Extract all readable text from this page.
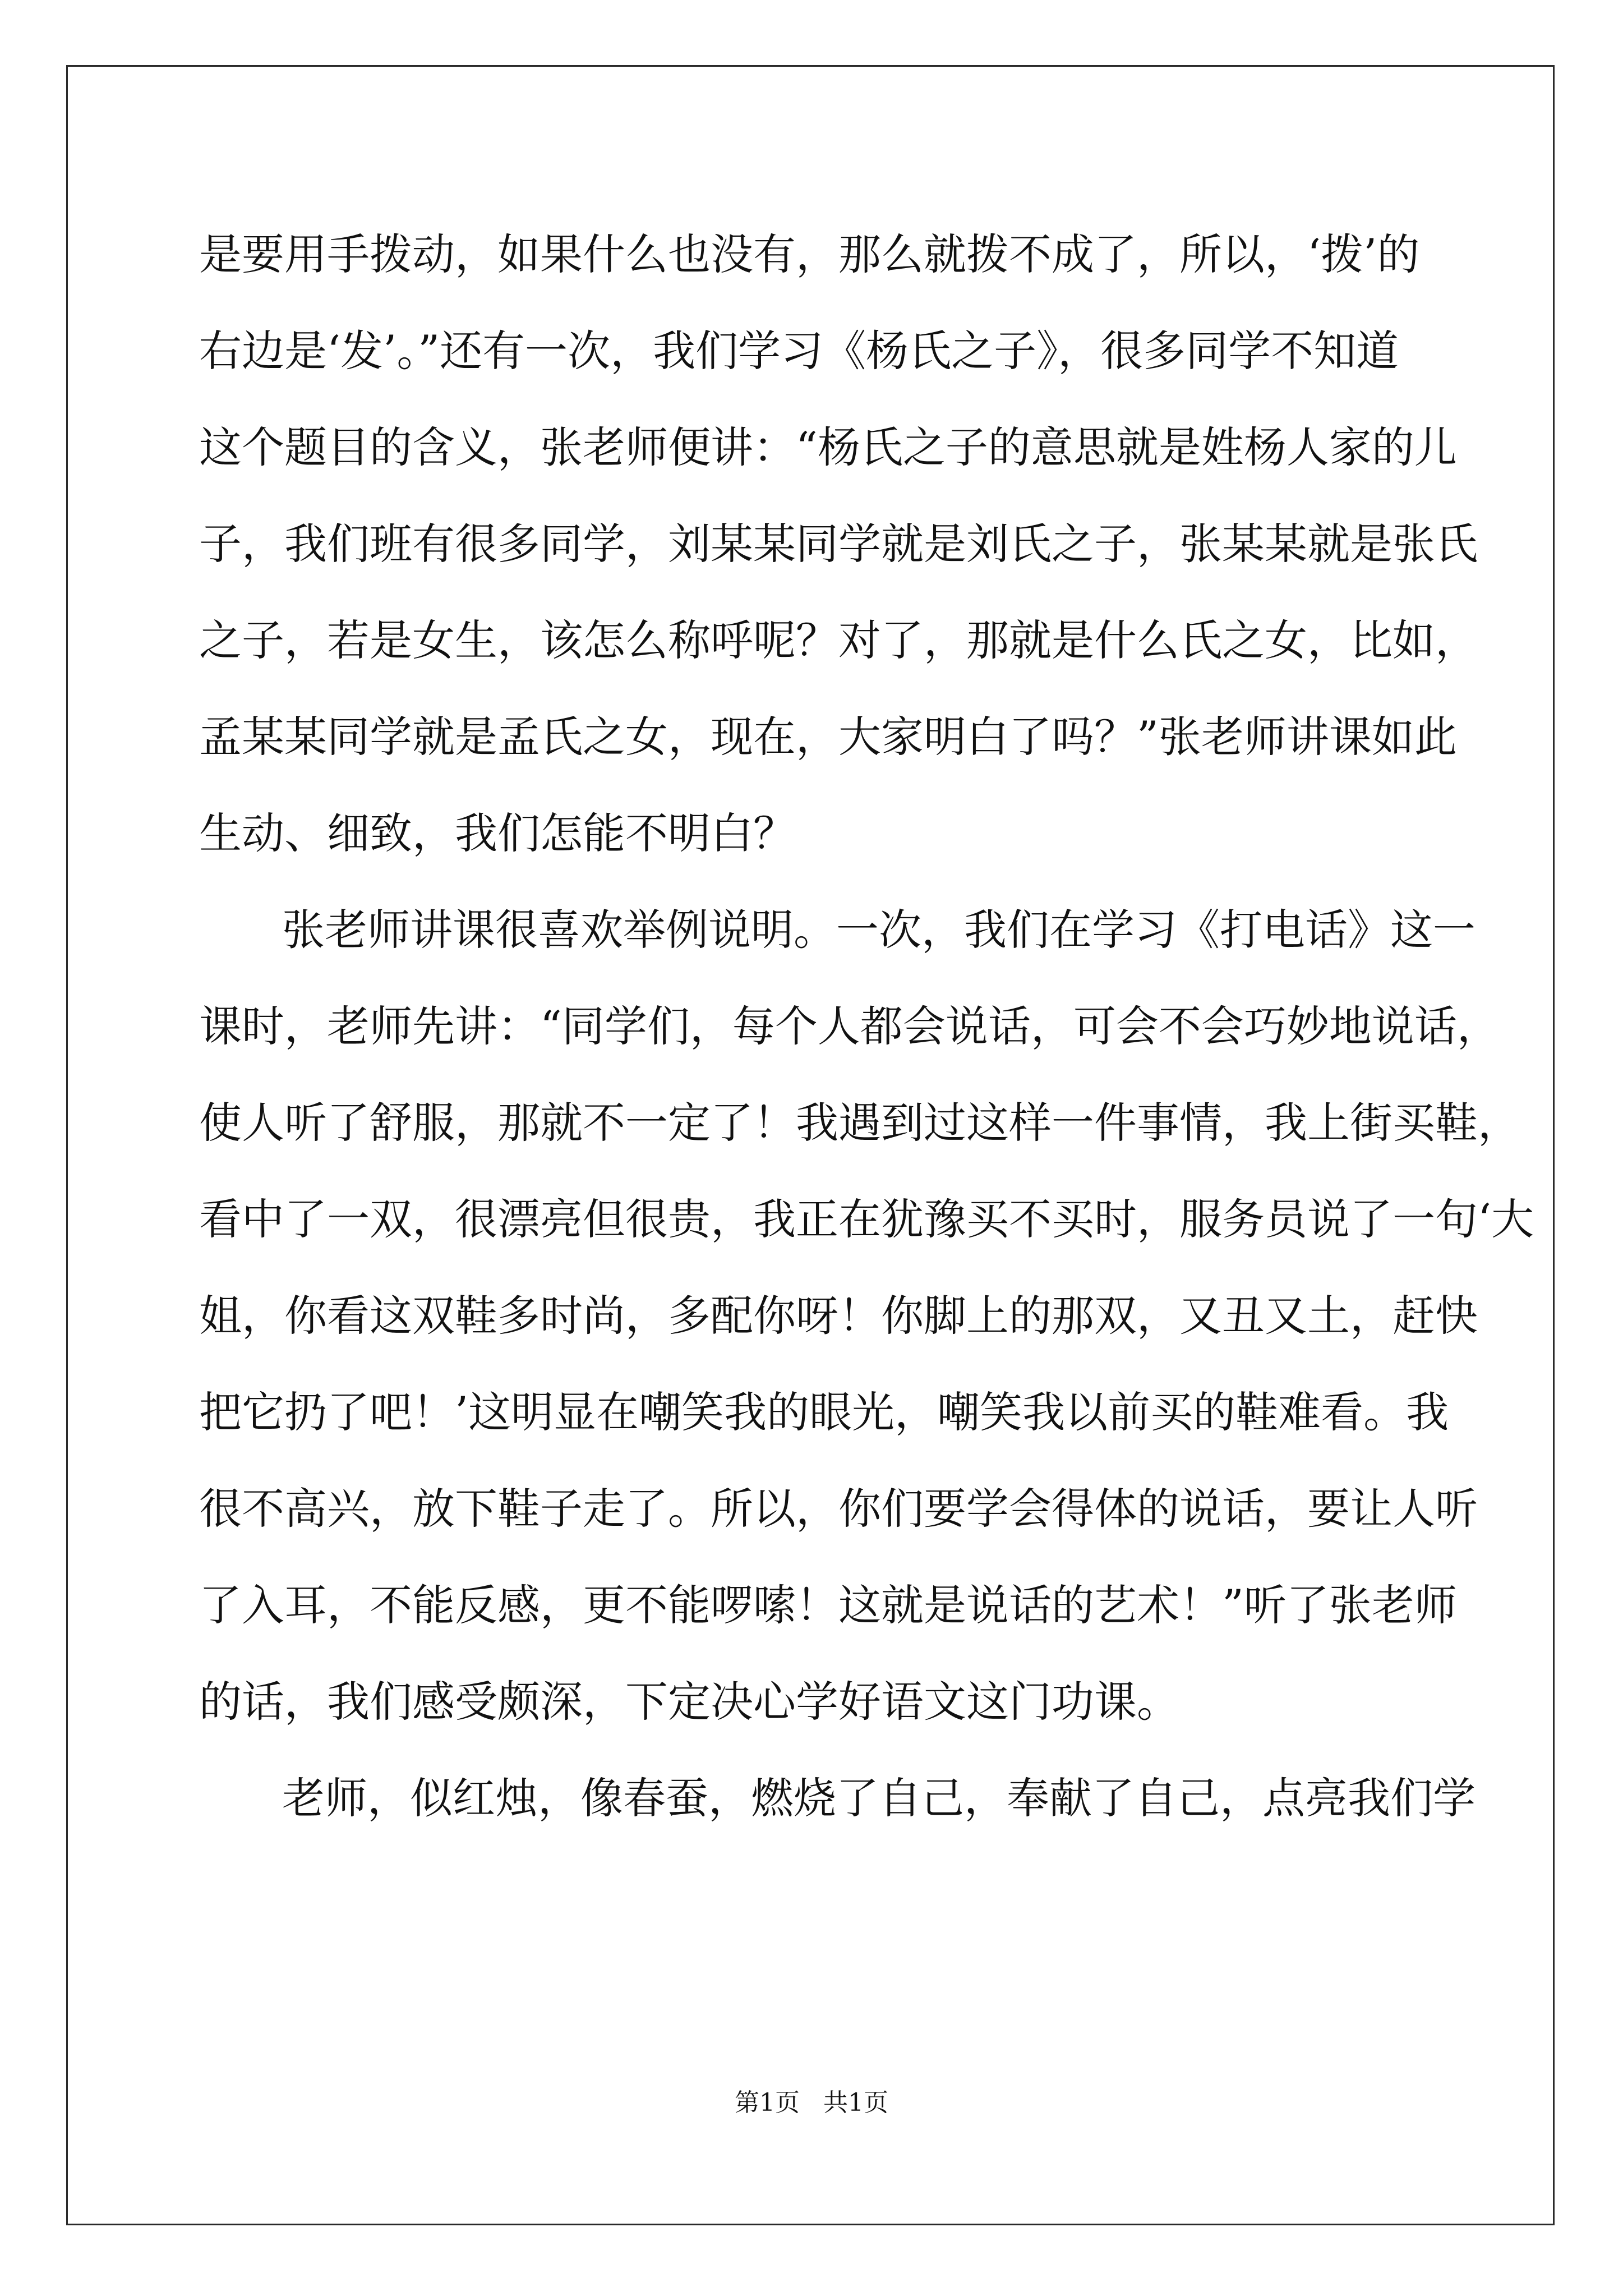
是要用手拨动，如果什么也没有，那么就拨不成了，所以，‘拨’的
右边是‘发’。”还有一次，我们学习《杨氏之子》，很多同学不知道
这个题目的含义，张老师便讲：“杨氏之子的意思就是姓杨人家的儿
子，我们班有很多同学，刘某某同学就是刘氏之子，张某某就是张氏
之子，若是女生，该怎么称呼呢？对了，那就是什么氏之女，比如，
孟某某同学就是孟氏之女，现在，大家明白了吗？”张老师讲课如此
生动、细致，我们怎能不明白？
张老师讲课很喜欢举例说明。一次，我们在学习《打电话》这一
课时，老师先讲：“同学们，每个人都会说话，可会不会巧妙地说话，
使人听了舒服，那就不一定了！我遇到过这样一件事情，我上街买鞋，
看中了一双，很漂亮但很贵，我正在犹豫买不买时，服务员说了一句‘大
姐，你看这双鞋多时尚，多配你呀！你脚上的那双，又丑又土，赶快
把它扔了吧！’这明显在嘲笑我的眼光，嘲笑我以前买的鞋难看。我
很不高兴，放下鞋子走了。所以，你们要学会得体的说话，要让人听
了入耳，不能反感，更不能啰嗦！这就是说话的艺术！”听了张老师
的话，我们感受颇深，下定决心学好语文这门功课。
老师，似红烛，像春蚕，燃烧了自己，奉献了自己，点亮我们学
第1页 共1页
